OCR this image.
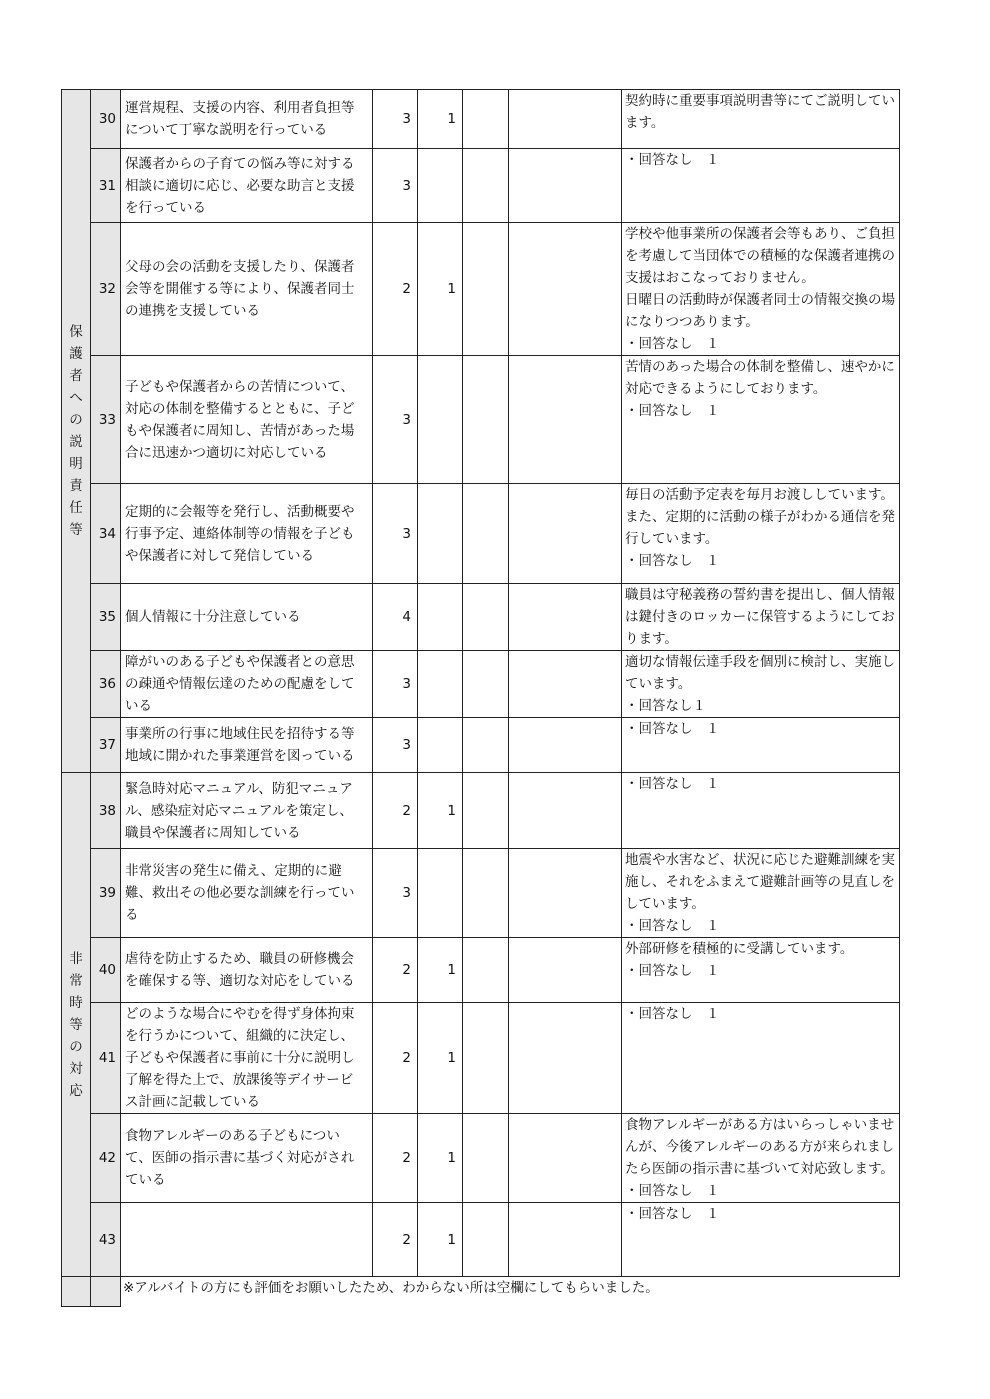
保護者への説明責任等	30	運営規程、支援の内容、利用者負担等について丁寧な説明を行っている	3	1			契約時に重要事項説明書等にてご説明しています。
	31	保護者からの子育ての悩み等に対する相談に適切に応じ、必要な助言と支援を行っている	3				・回答なし　１
	32	父母の会の活動を支援したり、保護者会等を開催する等により、保護者同士の連携を支援している	2	1			学校や他事業所の保護者会等もあり、ご負担を考慮して当団体での積極的な保護者連携の支援はおこなっておりません。
日曜日の活動時が保護者同士の情報交換の場になりつつあります。
・回答なし　１
	33	子どもや保護者からの苦情について、対応の体制を整備するとともに、子どもや保護者に周知し、苦情があった場合に迅速かつ適切に対応している	3				苦情のあった場合の体制を整備し、速やかに対応できるようにしております。
・回答なし　１
	34	定期的に会報等を発行し、活動概要や行事予定、連絡体制等の情報を子どもや保護者に対して発信している	3				毎日の活動予定表を毎月お渡ししています。また、定期的に活動の様子がわかる通信を発行しています。
・回答なし　１
	35	個人情報に十分注意している	4				職員は守秘義務の誓約書を提出し、個人情報は鍵付きのロッカーに保管するようにしております。
	36	障がいのある子どもや保護者との意思の疎通や情報伝達のための配慮をしている	3				適切な情報伝達手段を個別に検討し、実施しています。
・回答なし１
	37	事業所の行事に地域住民を招待する等地域に開かれた事業運営を図っている	3				・回答なし　１
非常時等の対応	38	緊急時対応マニュアル、防犯マニュアル、感染症対応マニュアルを策定し、職員や保護者に周知している	2	1			・回答なし　１
	39	非常災害の発生に備え、定期的に避難、救出その他必要な訓練を行っている	3				地震や水害など、状況に応じた避難訓練を実施し、それをふまえて避難計画等の見直しをしています。
・回答なし　１
	40	虐待を防止するため、職員の研修機会を確保する等、適切な対応をしている	2	1			外部研修を積極的に受講しています。
・回答なし　１
	41	どのような場合にやむを得ず身体拘束を行うかについて、組織的に決定し、子どもや保護者に事前に十分に説明し了解を得た上で、放課後等デイサービス計画に記載している	2	1			・回答なし　１
	42	食物アレルギーのある子どもについて、医師の指示書に基づく対応がされている	2	1			食物アレルギーがある方はいらっしゃいませんが、今後アレルギーのある方が来られましたら医師の指示書に基づいて対応致します。
・回答なし　１
	43		2	1			・回答なし　１
		※アルバイトの方にも評価をお願いしたため、わからない所は空欄にしてもらいました。					
